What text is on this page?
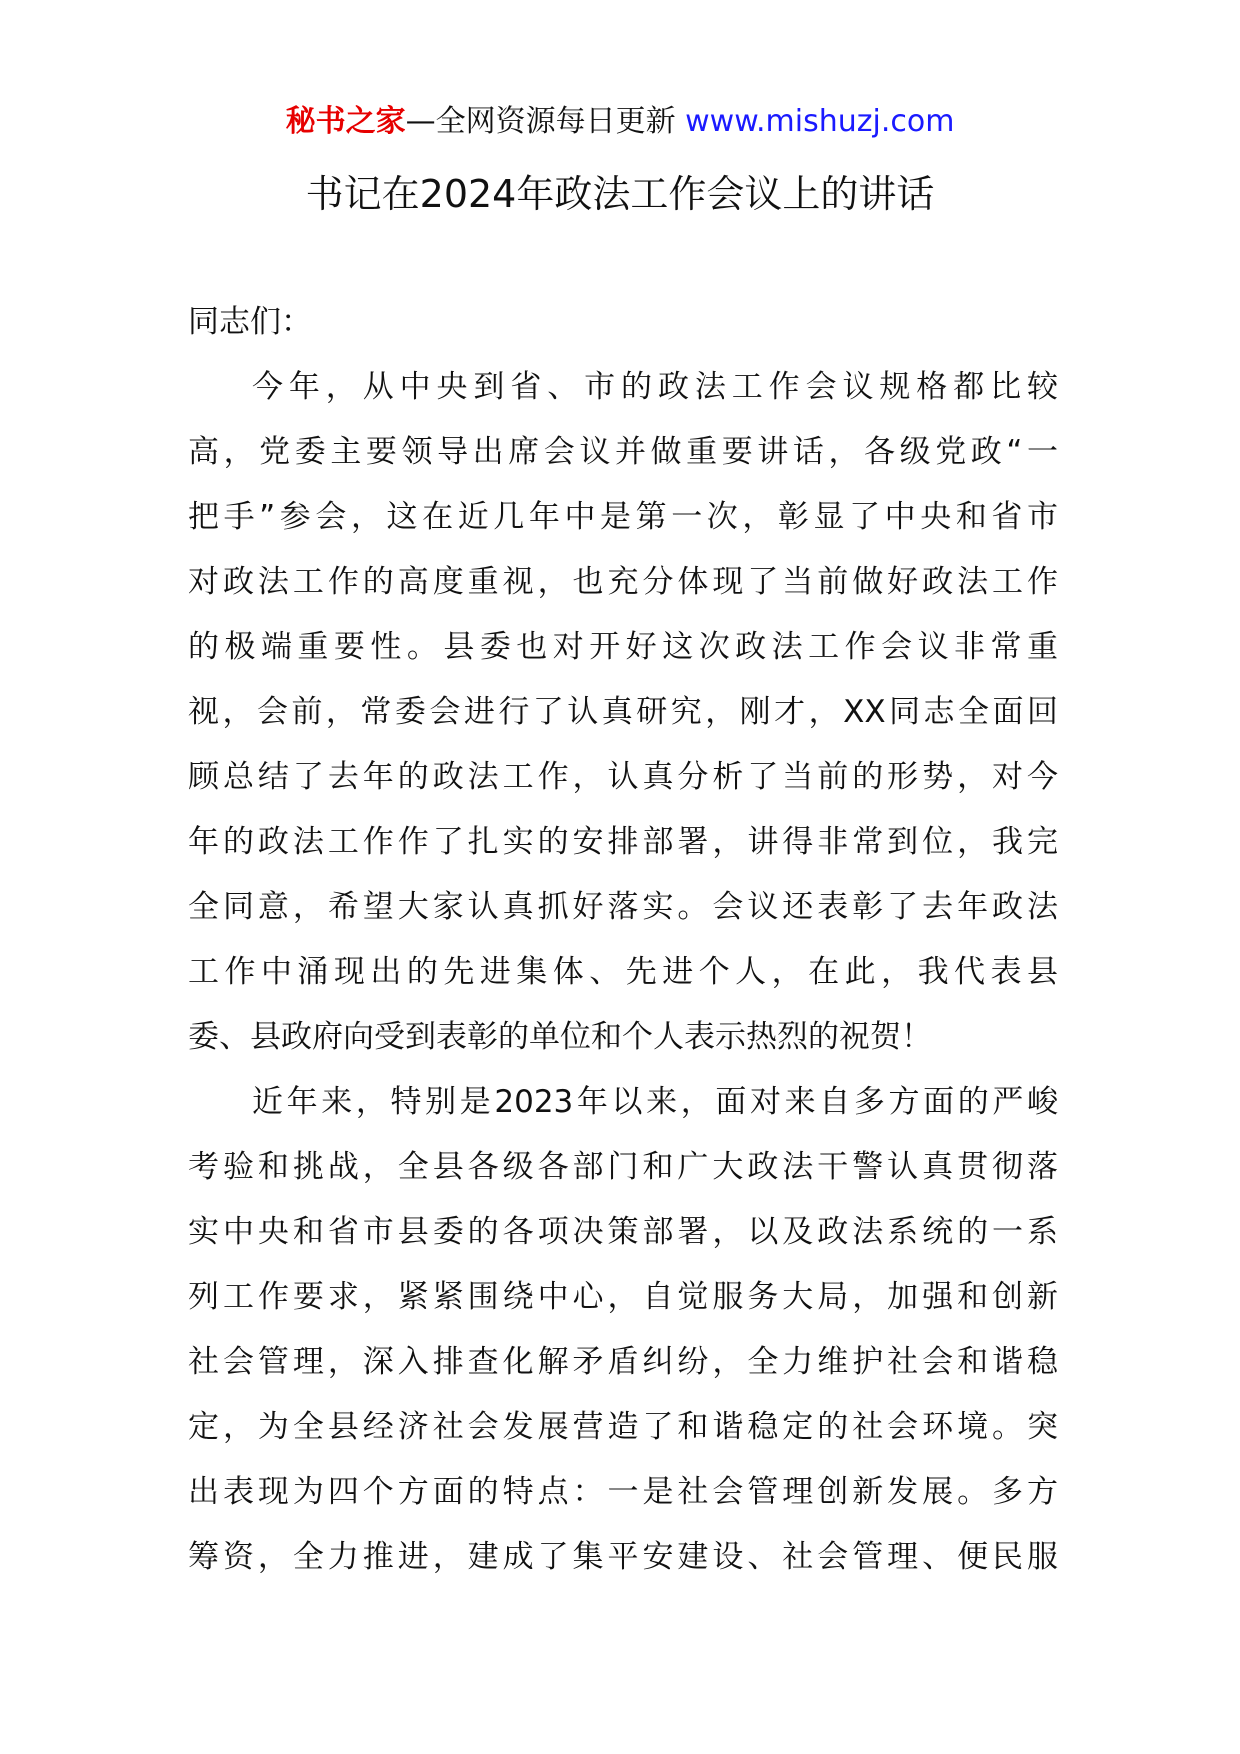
秘书之家—全网资源每日更新 www.mishuzj.com
书记在2024年政法工作会议上的讲话
同志们：
今年，从中央到省、市的政法工作会议规格都比较
高，党委主要领导出席会议并做重要讲话，各级党政“一
把手”参会，这在近几年中是第一次，彰显了中央和省市
对政法工作的高度重视，也充分体现了当前做好政法工作
的极端重要性。县委也对开好这次政法工作会议非常重
视，会前，常委会进行了认真研究，刚才，XX同志全面回
顾总结了去年的政法工作，认真分析了当前的形势，对今
年的政法工作作了扎实的安排部署，讲得非常到位，我完
全同意，希望大家认真抓好落实。会议还表彰了去年政法
工作中涌现出的先进集体、先进个人，在此，我代表县
委、县政府向受到表彰的单位和个人表示热烈的祝贺！
近年来，特别是2023年以来，面对来自多方面的严峻
考验和挑战，全县各级各部门和广大政法干警认真贯彻落
实中央和省市县委的各项决策部署，以及政法系统的一系
列工作要求，紧紧围绕中心，自觉服务大局，加强和创新
社会管理，深入排查化解矛盾纠纷，全力维护社会和谐稳
定，为全县经济社会发展营造了和谐稳定的社会环境。突
出表现为四个方面的特点：一是社会管理创新发展。多方
筹资，全力推进，建成了集平安建设、社会管理、便民服
